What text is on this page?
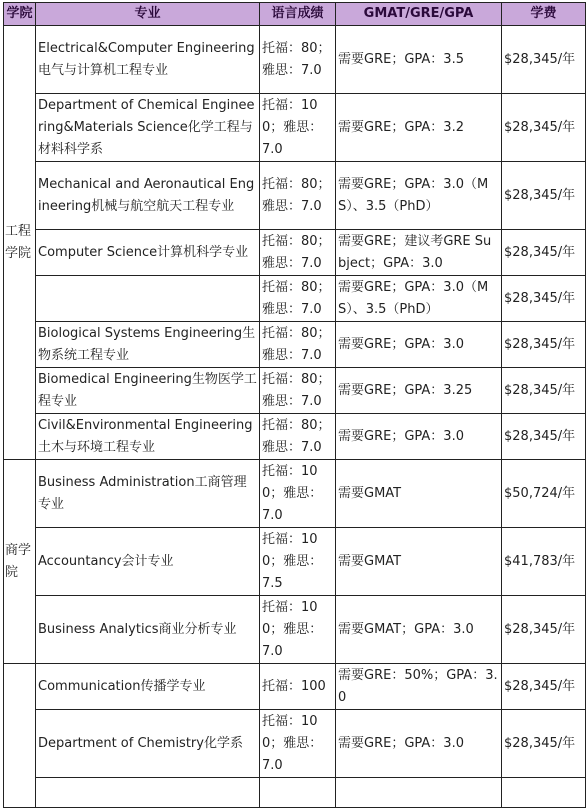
学院	专业	语言成绩	GMAT/GRE/GPA	学费
工程学院	Electrical&Computer Engineering电气与计算机工程专业	托福：80；雅思：7.0	需要GRE；GPA：3.5	$28,345/年
	Department of Chemical Engineering&Materials Science化学工程与材料科学系	托福：100；雅思：7.0	需要GRE；GPA：3.2	$28,345/年
	Mechanical and Aeronautical Engineering机械与航空航天工程专业	托福：80；雅思：7.0	需要GRE；GPA：3.0（MS）、3.5（PhD）	$28,345/年
	Computer Science计算机科学专业	托福：80；雅思：7.0	需要GRE；建议考GRE Subject；GPA：3.0	$28,345/年
		托福：80；雅思：7.0	需要GRE；GPA：3.0（MS）、3.5（PhD）	$28,345/年
	Biological Systems Engineering生物系统工程专业	托福：80；雅思：7.0	需要GRE；GPA：3.0	$28,345/年
	Biomedical Engineering生物医学工程专业	托福：80；雅思：7.0	需要GRE；GPA：3.25	$28,345/年
	Civil&Environmental Engineering土木与环境工程专业	托福：80；雅思：7.0	需要GRE；GPA：3.0	$28,345/年
商学院	Business Administration工商管理专业	托福：100；雅思：7.0	需要GMAT	$50,724/年
	Accountancy会计专业	托福：100；雅思：7.5	需要GMAT	$41,783/年
	Business Analytics商业分析专业	托福：100；雅思：7.0	需要GMAT；GPA：3.0	$28,345/年
	Communication传播学专业	托福：100	需要GRE：50%；GPA：3.0	$28,345/年
	Department of Chemistry化学系	托福：100；雅思：7.0	需要GRE；GPA：3.0	$28,345/年
